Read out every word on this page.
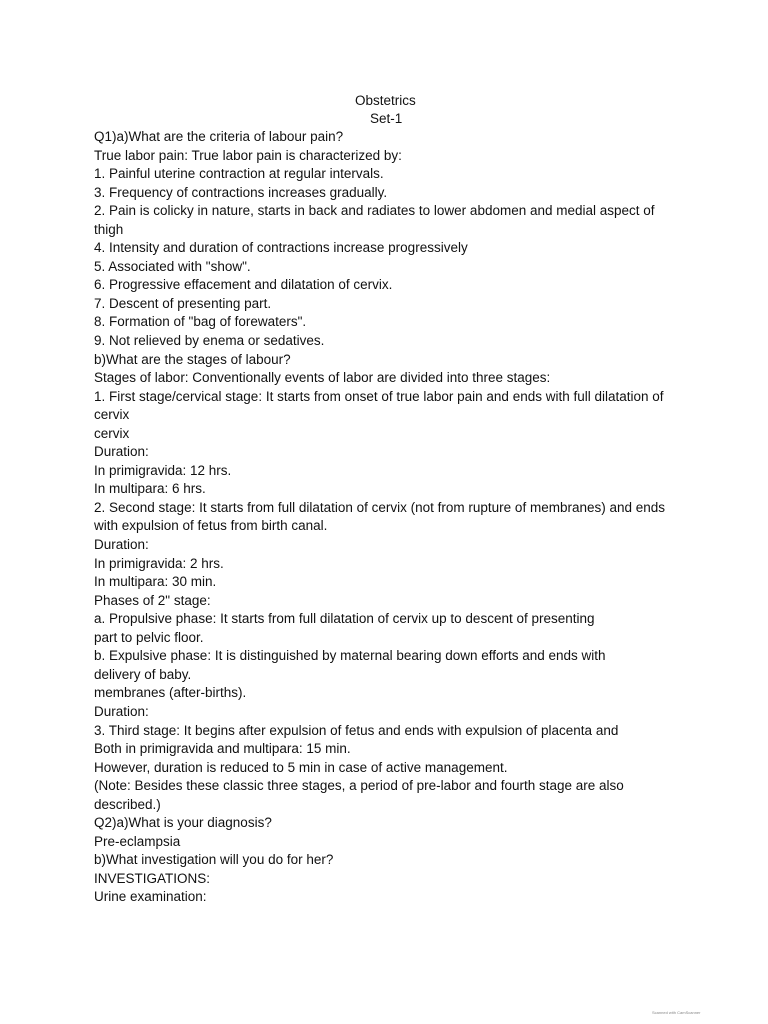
Obstetrics
Set-1

Q1)a)What are the criteria of labour pain?

True labor pain: True labor pain is characterized by:

1. Painful uterine contraction at regular intervals.

3. Frequency of contractions increases gradually.

2. Pain is colicky in nature, starts in back and radiates to lower abdomen and medial aspect of

thigh

4. Intensity and duration of contractions increase progressively

5. Associated with "show".

6. Progressive effacement and dilatation of cervix.

7. Descent of presenting part.

8. Formation of "bag of forewaters".

9. Not relieved by enema or sedatives.

b)What are the stages of labour?

Stages of labor: Conventionally events of labor are divided into three stages:

1. First stage/cervical stage: It starts from onset of true labor pain and ends with full dilatation of

cervix

cervix

Duration:

In primigravida: 12 hrs.

In multipara: 6 hrs.

2. Second stage: It starts from full dilatation of cervix (not from rupture of membranes) and ends

with expulsion of fetus from birth canal.

Duration:

In primigravida: 2 hrs.

In multipara: 30 min.

Phases of 2" stage:

a. Propulsive phase: It starts from full dilatation of cervix up to descent of presenting

part to pelvic floor.

b. Expulsive phase: It is distinguished by maternal bearing down efforts and ends with

delivery of baby.

membranes (after-births).

Duration:

3. Third stage: It begins after expulsion of fetus and ends with expulsion of placenta and

Both in primigravida and multipara: 15 min.

However, duration is reduced to 5 min in case of active management.

(Note: Besides these classic three stages, a period of pre-labor and fourth stage are also

described.)

Q2)a)What is your diagnosis?

Pre-eclampsia

b)What investigation will you do for her?

INVESTIGATIONS:

Urine examination:

Scanned with CamScanner
